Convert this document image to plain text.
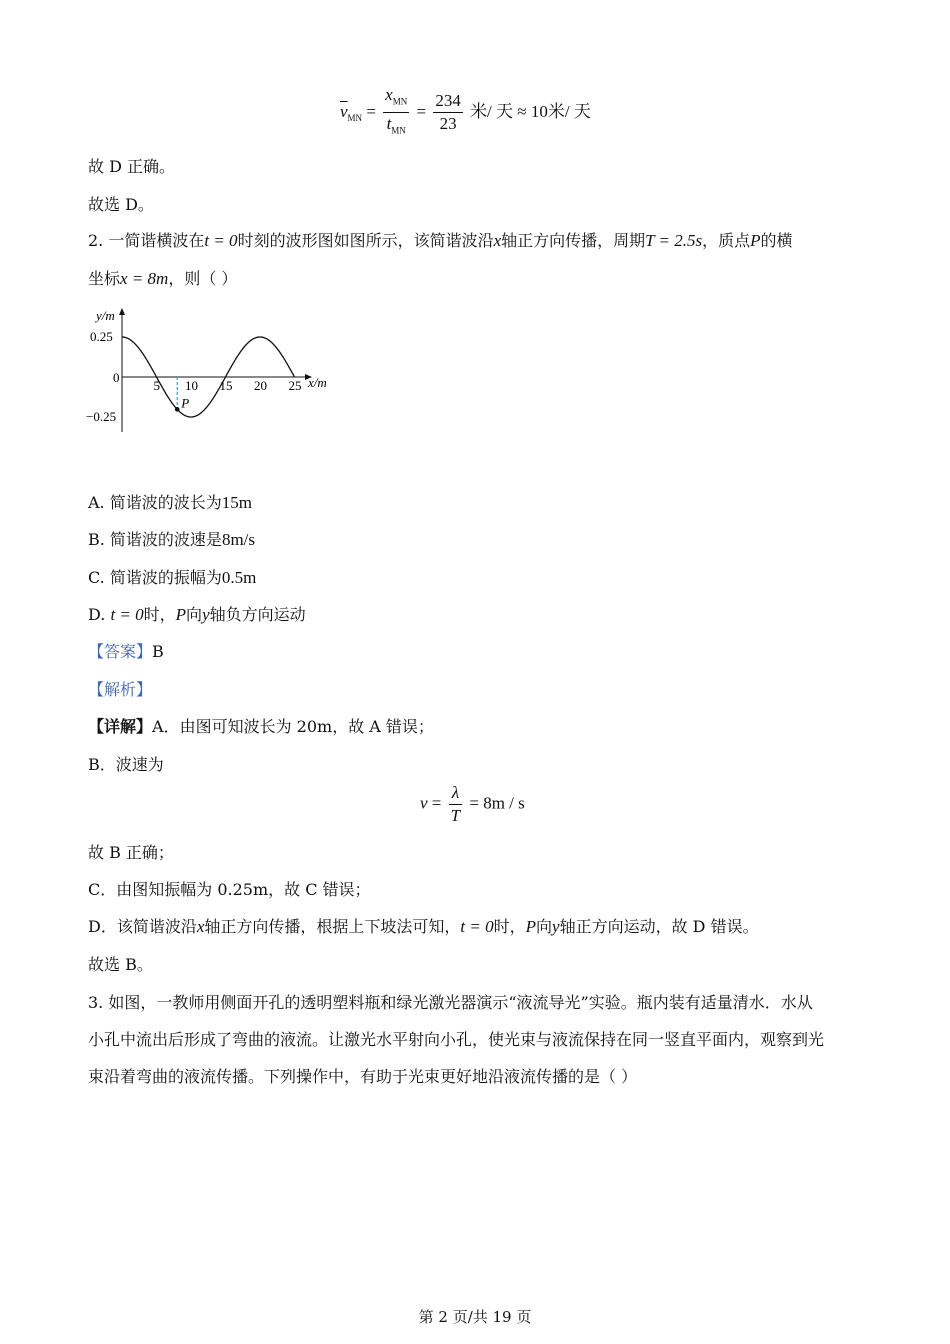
$\overline{v}_{MN} = \frac{x_{MN}}{t_{MN}} = \frac{234}{23}$ 米/ 天 ≈ 10米/ 天
故 D 正确。
故选 D。
2. 一简谐横波在t = 0时刻的波形图如图所示，该简谐波沿x轴正方向传播，周期T = 2.5s，质点P的横
坐标x = 8m，则（ ）
y/m
x/m
0.25
−0.25
0
5 10 15 20 25
P
A. 简谐波的波长为15m
B. 简谐波的波速是8m/s
C. 简谐波的振幅为0.5m
D. t = 0时，P向y轴负方向运动
【答案】B
【解析】
【详解】A．由图可知波长为 20m，故 A 错误；
B．波速为
$v = \frac{\lambda}{T} = 8m / s$
故 B 正确；
C．由图知振幅为 0.25m，故 C 错误；
D．该简谐波沿x轴正方向传播，根据上下坡法可知，t = 0时，P向y轴正方向运动，故 D 错误。
故选 B。
3. 如图，一教师用侧面开孔的透明塑料瓶和绿光激光器演示“液流导光”实验。瓶内装有适量清水．水从
小孔中流出后形成了弯曲的液流。让激光水平射向小孔，使光束与液流保持在同一竖直平面内，观察到光
束沿着弯曲的液流传播。下列操作中，有助于光束更好地沿液流传播的是（ ）
第 2 页/共 19 页
